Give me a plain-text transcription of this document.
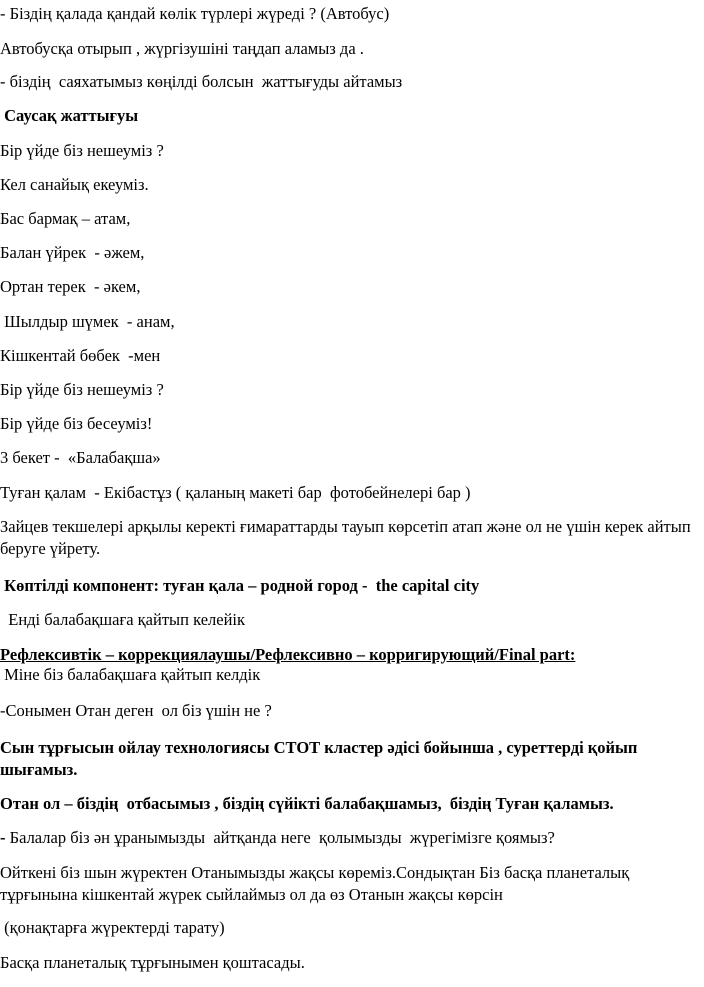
- Біздің қалада қандай көлік түрлері жүреді ? (Автобус)

Автобусқа отырып , жүргізушіні таңдап аламыз да .

- біздің  саяхатымыз көңілді болсын  жаттығуды айтамыз

Саусақ жаттығуы

Бір үйде біз нешеуміз ?

Кел санайық екеуміз.

Бас бармақ – атам,

Балан үйрек  - әжем,

Ортан терек  - әкем,

Шылдыр шүмек  - анам,

Кішкентай бөбек  -мен

Бір үйде біз нешеуміз ?

Бір үйде біз бесеуміз!

3 бекет -  «Балабақша»

Туған қалам  - Екібастұз ( қаланың макеті бар  фотобейнелері бар )

Зайцев текшелері арқылы керекті ғимараттарды тауып көрсетіп атап және ол не үшін керек айтып беруге үйрету.

Көптілді компонент: туған қала – родной город -  the capital city

Енді балабақшаға қайтып келейік

Рефлексивтік – коррекциялаушы/Рефлексивно – корригирующий/Final part:

Міне біз балабақшаға қайтып келдік

-Сонымен Отан деген  ол біз үшін не ?

Сын тұрғысын ойлау технологиясы СТОТ кластер әдісі бойынша , суреттерді қойып шығамыз.

Отан ол – біздің  отбасымыз , біздің сүйікті балабақшамыз,  біздің Туған қаламыз.

- Балалар біз ән ұранымызды  айтқанда неге  қолымызды  жүрегімізге қоямыз?

Ойткені біз шын жүректен Отанымызды жақсы көреміз.Сондықтан Біз басқа планеталық тұрғынына кішкентай жүрек сыйлаймыз ол да өз Отанын жақсы көрсін

(қонақтарға жүректерді тарату)

Басқа планеталық тұрғынымен қоштасады.
